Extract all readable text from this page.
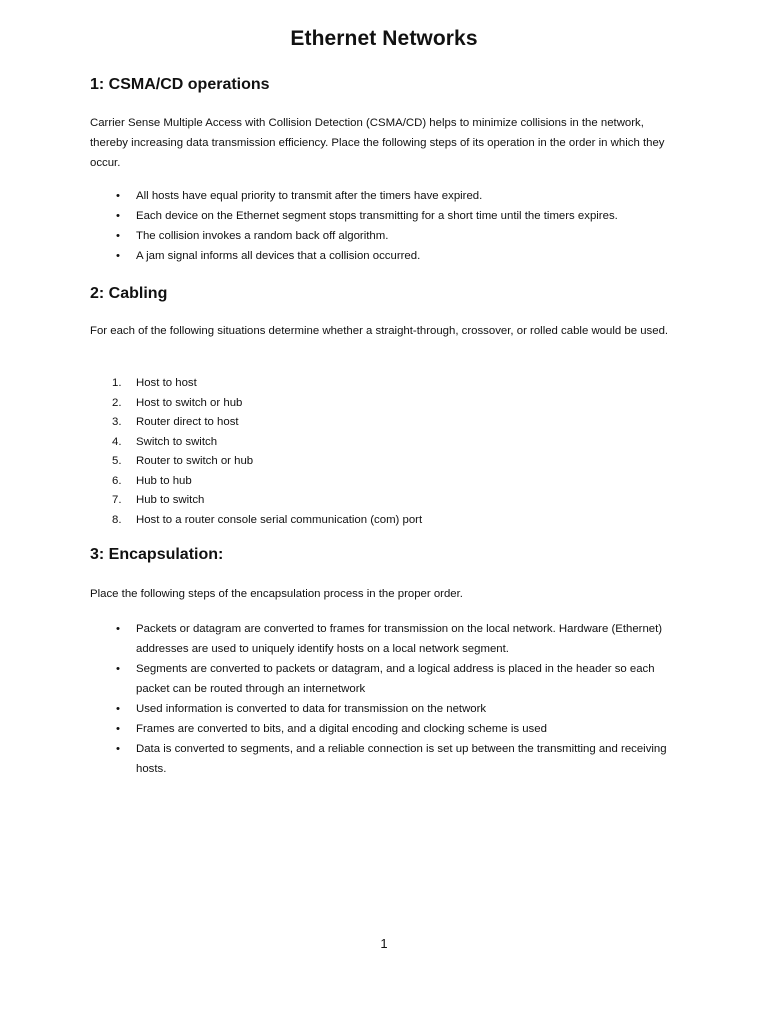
Ethernet Networks
1: CSMA/CD operations
Carrier Sense Multiple Access with Collision Detection (CSMA/CD) helps to minimize collisions in the network, thereby increasing data transmission efficiency. Place the following steps of its operation in the order in which they occur.
•	All hosts have equal priority to transmit after the timers have expired.
•	Each device on the Ethernet segment stops transmitting for a short time until the timers expires.
•	The collision invokes a random back off algorithm.
•	A jam signal informs all devices that a collision occurred.
2: Cabling
For each of the following situations determine whether a straight-through, crossover, or rolled cable would be used.
1. Host to host
2. Host to switch or hub
3. Router direct to host
4. Switch to switch
5. Router to switch or hub
6. Hub to hub
7. Hub to switch
8. Host to a router console serial communication (com) port
3: Encapsulation:
Place the following steps of the encapsulation process in the proper order.
•	Packets or datagram are converted to frames for transmission on the local network. Hardware (Ethernet) addresses are used to uniquely identify hosts on a local network segment.
•	Segments are converted to packets or datagram, and a logical address is placed in the header so each packet can be routed through an internetwork
•	Used information is converted to data for transmission on the network
•	Frames are converted to bits, and a digital encoding and clocking scheme is used
•	Data is converted to segments, and a reliable connection is set up between the transmitting and receiving hosts.
1
